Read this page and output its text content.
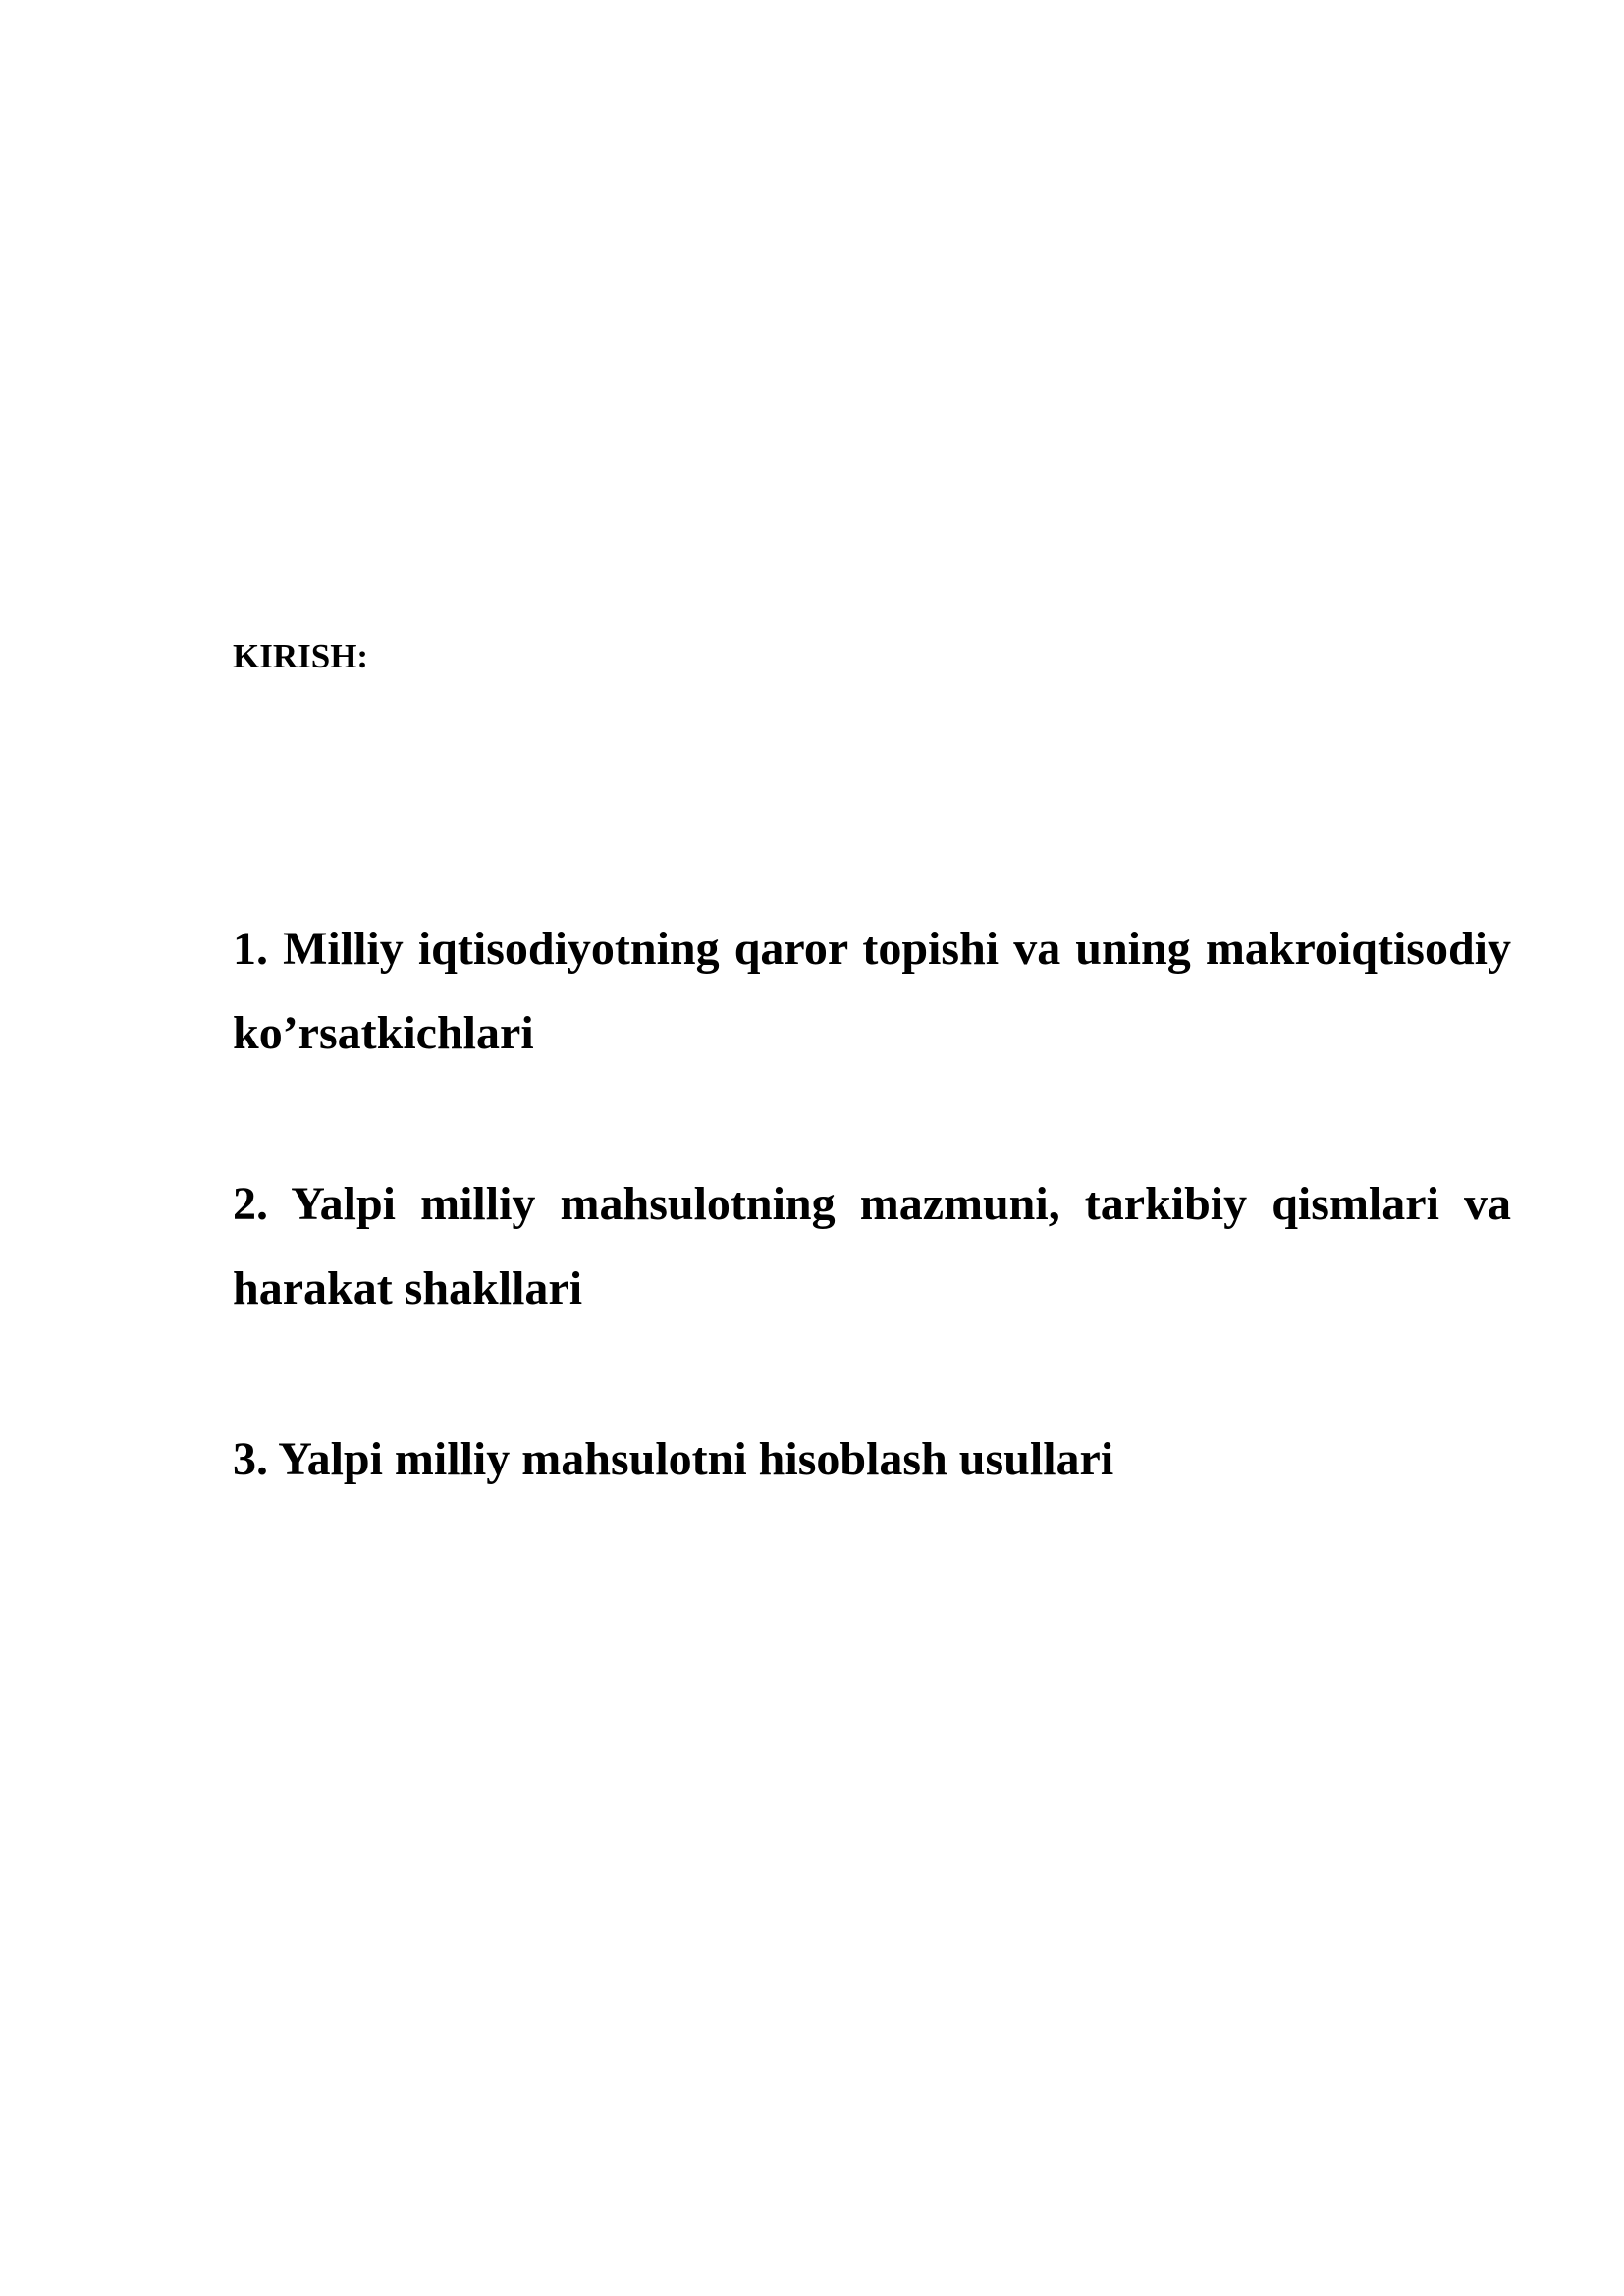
KIRISH:

1. Milliy iqtisodiyotning qaror topishi va uning makroiqtisodiy ko’rsatkichlari

2. Yalpi milliy mahsulotning mazmuni, tarkibiy qismlari va harakat shakllari

3. Yalpi milliy mahsulotni hisoblash usullari
